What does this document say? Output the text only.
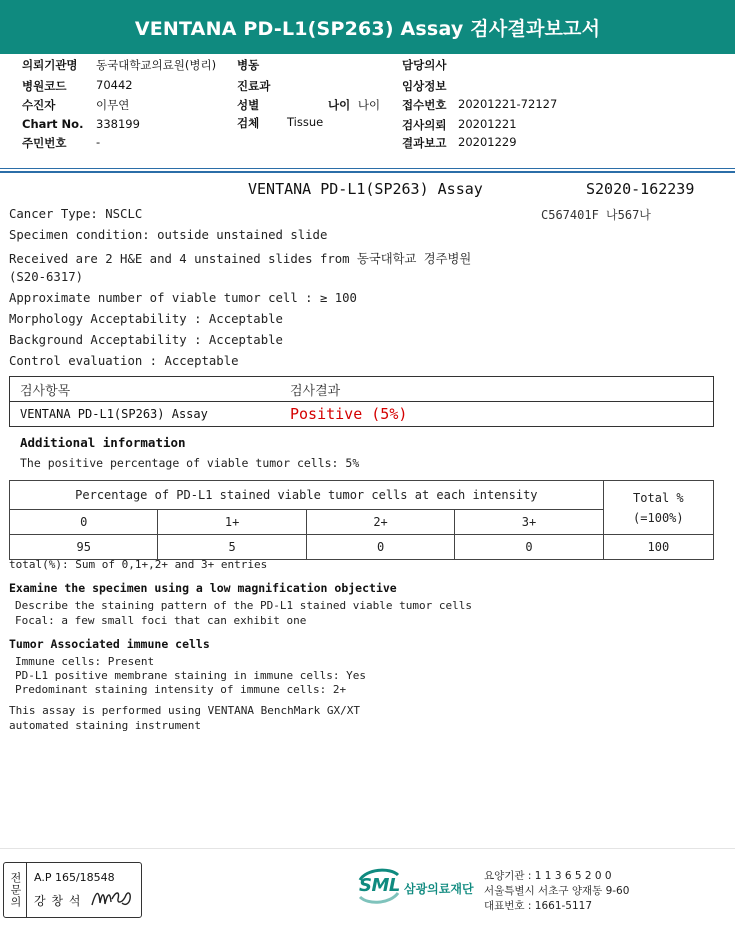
VENTANA PD-L1(SP263) Assay 검사결과보고서
의뢰기관명 동국대학교의료원(병리)
병원코드	70442
수진자	이무연
Chart No. 338199
주민번호	-
병동
진료과
성별
검체 Tissue
나이 나이
담당의사
임상정보
접수번호 20201221-72127
검사의뢰 20201221
결과보고 20201229
VENTANA PD-L1(SP263) Assay	S2020-162239
C567401F 나567나
Cancer Type: NSCLC
Specimen condition: outside unstained slide
Received are 2 H&E and 4 unstained slides from 동국대학교 경주병원
(S20-6317)
Approximate number of viable tumor cell : ≥ 100
Morphology Acceptability : Acceptable
Background Acceptability : Acceptable
Control evaluation : Acceptable
검사항목	검사결과
VENTANA PD-L1(SP263) Assay	Positive (5%)
Additional information
The positive percentage of viable tumor cells: 5%
Percentage of PD-L1 stained viable tumor cells at each intensity				Total %
(=100%)

0	1+	2+	3+	
95	5	0	0	100
total(%): Sum of 0,1+,2+ and 3+ entries
Examine the specimen using a low magnification objective
Describe the staining pattern of the PD-L1 stained viable tumor cells
Focal: a few small foci that can exhibit one
Tumor Associated immune cells
Immune cells: Present
PD-L1 positive membrane staining in immune cells: Yes
Predominant staining intensity of immune cells: 2+
This assay is performed using VENTANA BenchMark GX/XT
automated staining instrument
전문의 A.P 165/18548
강 창 석
SML 삼광의료재단
요양기관 : 1 1 3 6 5 2 0 0
서울특별시 서초구 양재동 9-60
대표번호 : 1661-5117
